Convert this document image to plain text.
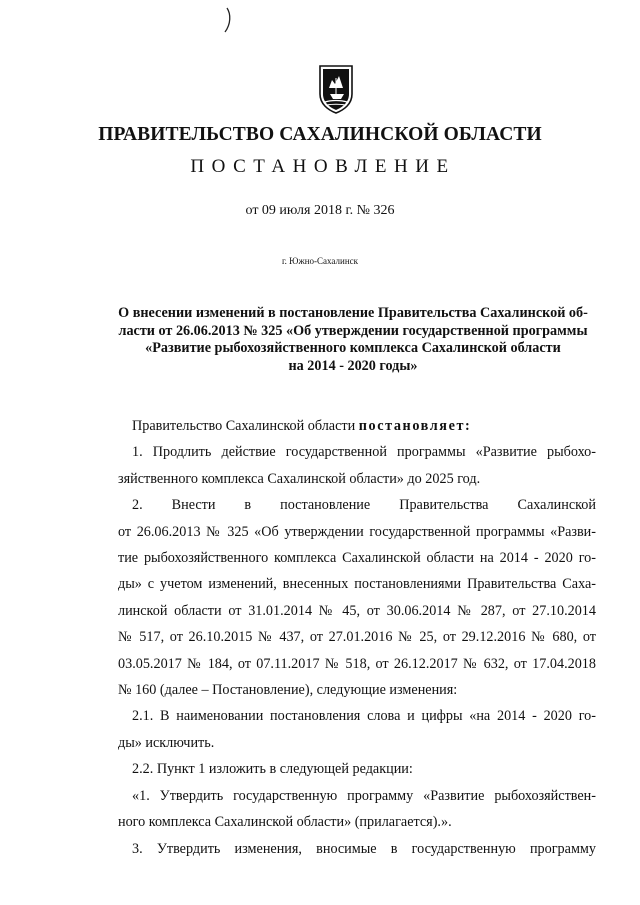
ПРАВИТЕЛЬСТВО САХАЛИНСКОЙ ОБЛАСТИ
ПОСТАНОВЛЕНИЕ
от 09 июля 2018 г. № 326
г. Южно-Сахалинск
О внесении изменений в постановление Правительства Сахалинской об-
ласти от 26.06.2013 № 325 «Об утверждении государственной программы
«Развитие рыбохозяйственного комплекса Сахалинской области
на 2014 - 2020 годы»
Правительство Сахалинской области постановляет:
1. Продлить действие государственной программы «Развитие рыбохо-
зяйственного комплекса Сахалинской области» до 2025 год.
2. Внести в постановление Правительства Сахалинской
от 26.06.2013 № 325 «Об утверждении государственной программы «Разви-
тие рыбохозяйственного комплекса Сахалинской области на 2014 - 2020 го-
ды» с учетом изменений, внесенных постановлениями Правительства Саха-
линской области от 31.01.2014 № 45, от 30.06.2014 № 287, от 27.10.2014
№ 517, от 26.10.2015 № 437, от 27.01.2016 № 25, от 29.12.2016 № 680, от
03.05.2017 № 184, от 07.11.2017 № 518, от 26.12.2017 № 632, от 17.04.2018
№ 160 (далее – Постановление), следующие изменения:
2.1. В наименовании постановления слова и цифры «на 2014 - 2020 го-
ды» исключить.
2.2. Пункт 1 изложить в следующей редакции:
«1. Утвердить государственную программу «Развитие рыбохозяйствен-
ного комплекса Сахалинской области» (прилагается).».
3. Утвердить изменения, вносимые в государственную программу
